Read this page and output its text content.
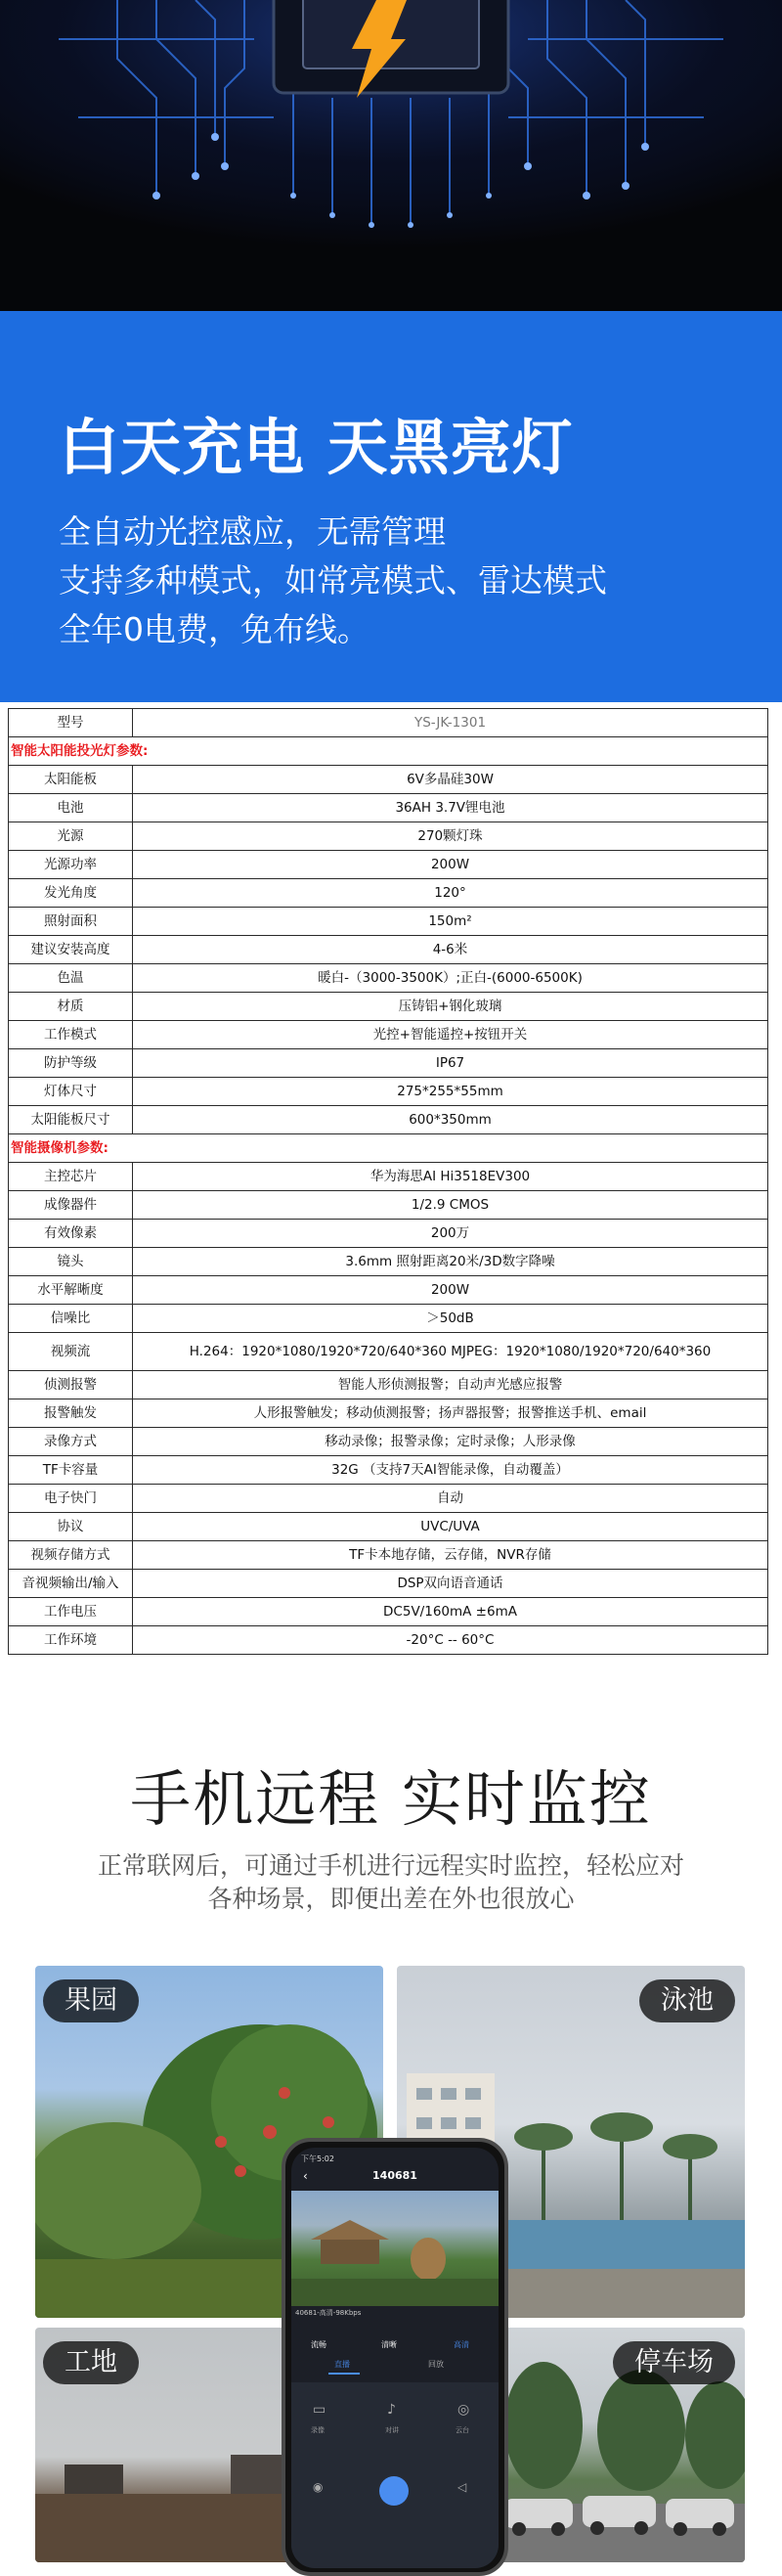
白天充电 天黑亮灯
全自动光控感应，无需管理
支持多种模式，如常亮模式、雷达模式
全年0电费，免布线。
型号	YS-JK-1301
智能太阳能投光灯参数:	
太阳能板	6V多晶硅30W
电池	36AH 3.7V锂电池
光源	270颗灯珠
光源功率	200W
发光角度	120°
照射面积	150m²
建议安装高度	4-6米
色温	暖白-（3000-3500K）;正白-(6000-6500K)
材质	压铸铝+钢化玻璃
工作模式	光控+智能遥控+按钮开关
防护等级	IP67
灯体尺寸	275*255*55mm
太阳能板尺寸	600*350mm
智能摄像机参数:	
主控芯片	华为海思AI Hi3518EV300
成像器件	1/2.9 CMOS
有效像素	200万
镜头	3.6mm 照射距离20米/3D数字降噪
水平解晰度	200W
信噪比	＞50dB
视频流	H.264：1920*1080/1920*720/640*360 MJPEG：1920*1080/1920*720/640*360
侦测报警	智能人形侦测报警；自动声光感应报警
报警触发	人形报警触发；移动侦测报警；扬声器报警；报警推送手机、email
录像方式	移动录像；报警录像；定时录像；人形录像
TF卡容量	32G （支持7天AI智能录像，自动覆盖）
电子快门	自动
协议	UVC/UVA
视频存储方式	TF卡本地存储，云存储，NVR存储
音视频输出/输入	DSP双向语音通话
工作电压	DC5V/160mA ±6mA
工作环境	-20°C -- 60°C
手机远程 实时监控
正常联网后，可通过手机进行远程实时监控，轻松应对
各种场景，即便出差在外也很放心
果园	泳池
工地	停车场
下午5:02
‹	140681
40681-高清-98Kbps
流畅	清晰	高清
直播	回放
▭
录像
♪
对讲
◎
云台
◉	◁
